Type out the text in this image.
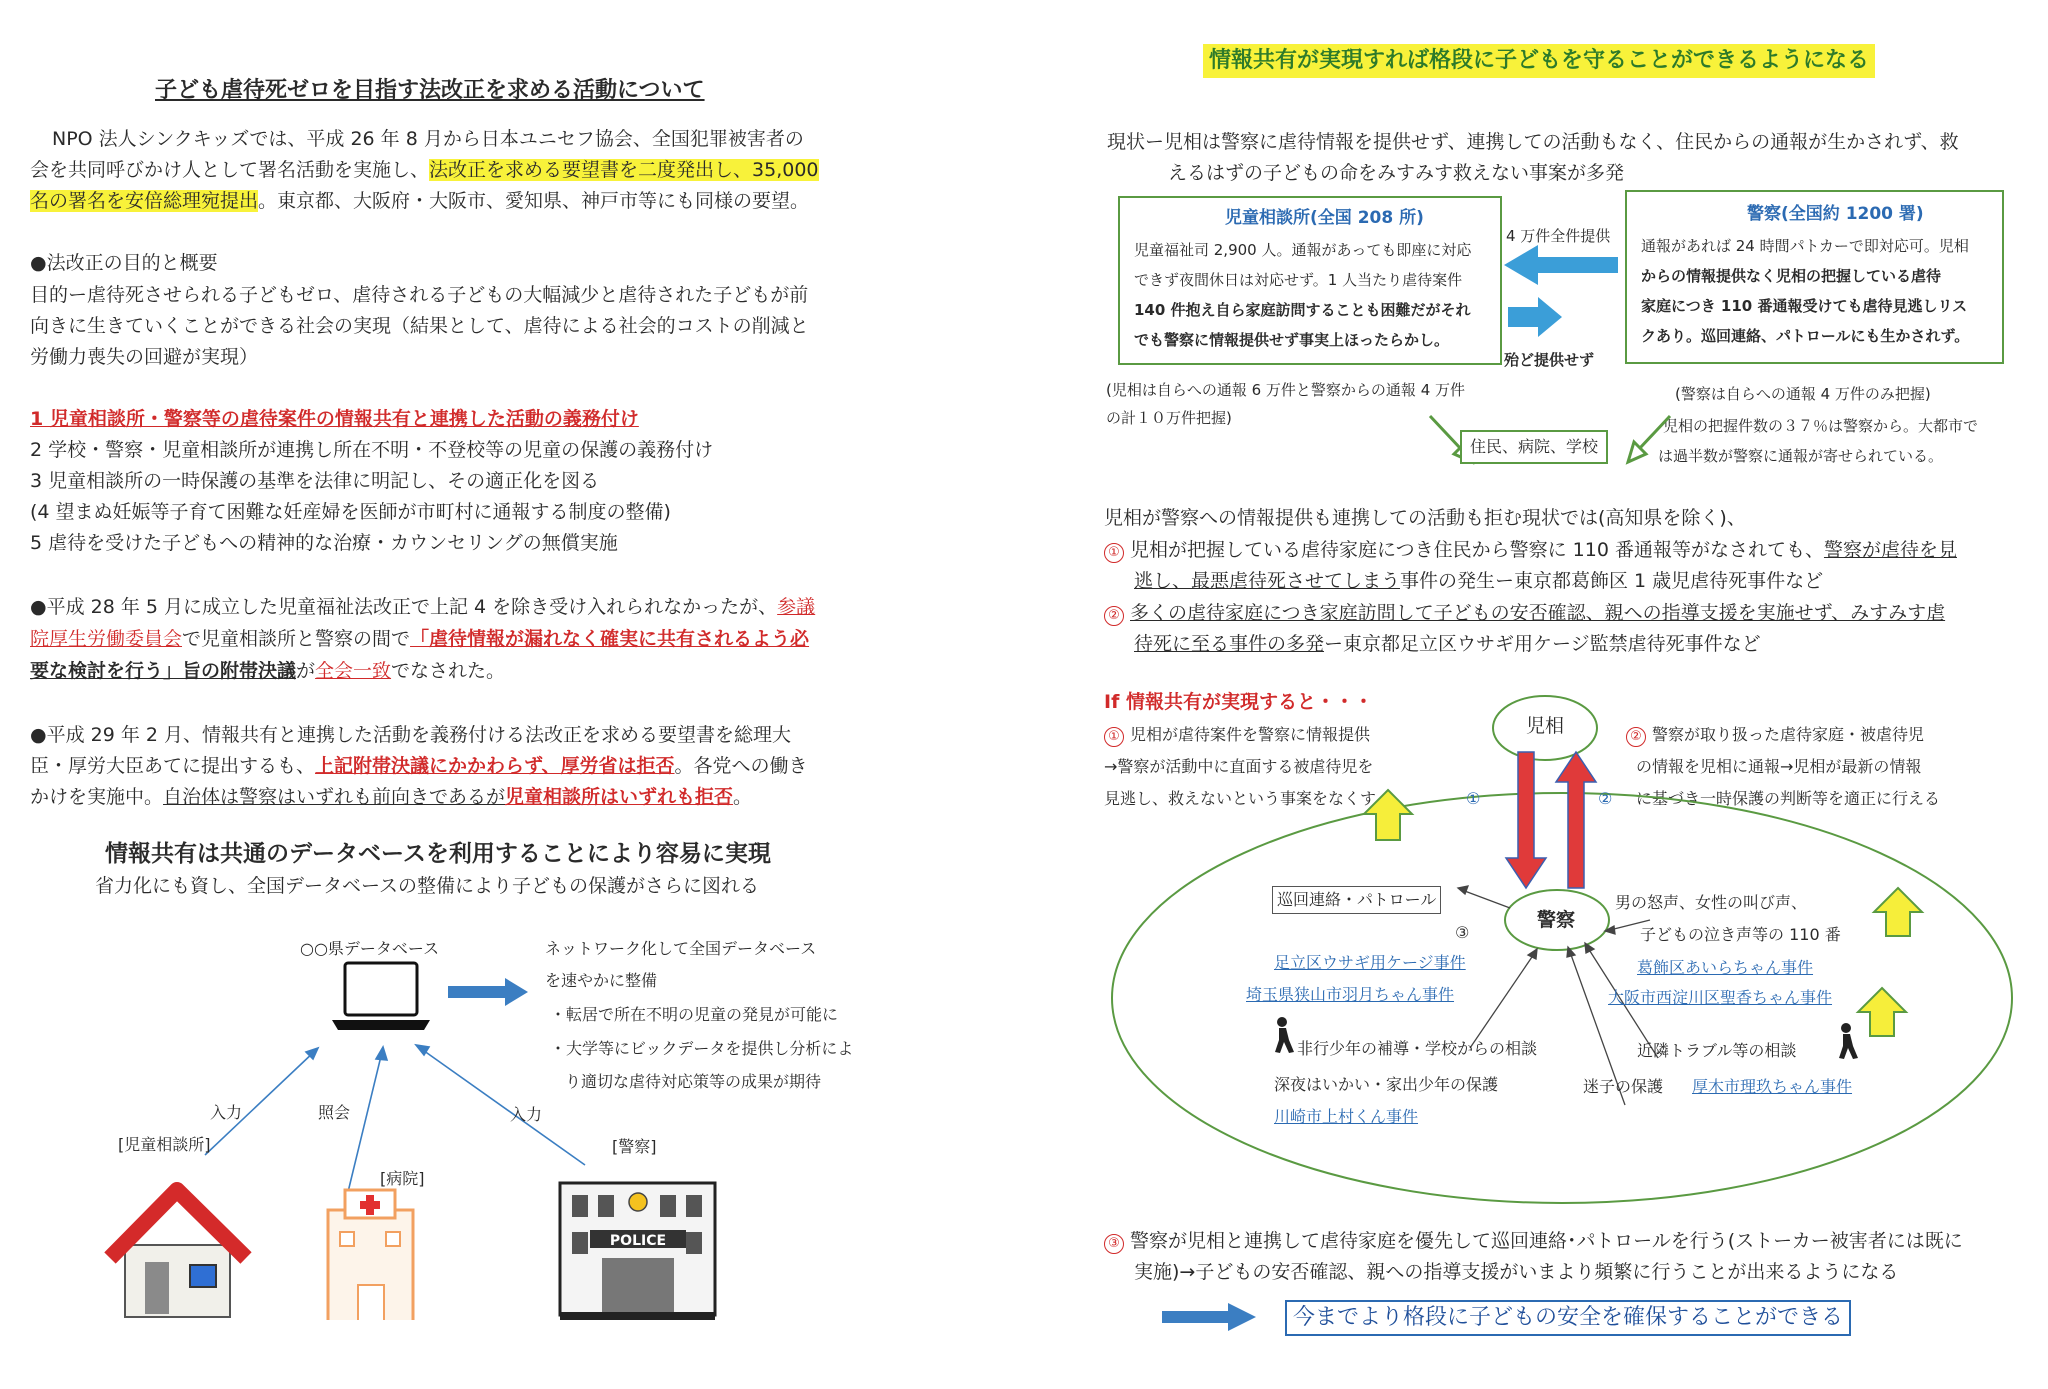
子ども虐待死ゼロを目指す法改正を求める活動について
NPO 法人シンクキッズでは、平成 26 年 8 月から日本ユニセフ協会、全国犯罪被害者の
会を共同呼びかけ人として署名活動を実施し、法改正を求める要望書を二度発出し、35,000
名の署名を安倍総理宛提出。東京都、大阪府・大阪市、愛知県、神戸市等にも同様の要望。
●法改正の目的と概要
目的ー虐待死させられる子どもゼロ、虐待される子どもの大幅減少と虐待された子どもが前
向きに生きていくことができる社会の実現（結果として、虐待による社会的コストの削減と
労働力喪失の回避が実現）
1 児童相談所・警察等の虐待案件の情報共有と連携した活動の義務付け
2 学校・警察・児童相談所が連携し所在不明・不登校等の児童の保護の義務付け
3 児童相談所の一時保護の基準を法律に明記し、その適正化を図る
(4 望まぬ妊娠等子育て困難な妊産婦を医師が市町村に通報する制度の整備)
5 虐待を受けた子どもへの精神的な治療・カウンセリングの無償実施
●平成 28 年 5 月に成立した児童福祉法改正で上記 4 を除き受け入れられなかったが、参議
院厚生労働委員会で児童相談所と警察の間で「虐待情報が漏れなく確実に共有されるよう必
要な検討を行う」旨の附帯決議が全会一致でなされた。
●平成 29 年 2 月、情報共有と連携した活動を義務付ける法改正を求める要望書を総理大
臣・厚労大臣あてに提出するも、上記附帯決議にかかわらず、厚労省は拒否。各党への働き
かけを実施中。自治体は警察はいずれも前向きであるが児童相談所はいずれも拒否。
情報共有は共通のデータベースを利用することにより容易に実現
省力化にも資し、全国データベースの整備により子どもの保護がさらに図れる
○○県データベース	ネットワーク化して全国データベース
を速やかに整備
・転居で所在不明の児童の発見が可能に
・大学等にビックデータを提供し分析によ
り適切な虐待対応策等の成果が期待
POLICE
入力	照会	入力
[児童相談所]
[病院]
[警察]
情報共有が実現すれば格段に子どもを守ることができるようになる
現状ー児相は警察に虐待情報を提供せず、連携しての活動もなく、住民からの通報が生かされず、救
えるはずの子どもの命をみすみす救えない事案が多発
児童相談所(全国 208 所)
児童福祉司 2,900 人。通報があっても即座に対応
できず夜間休日は対応せず。1 人当たり虐待案件
140 件抱え自ら家庭訪問することも困難だがそれ
でも警察に情報提供せず事実上ほったらかし。
警察(全国約 1200 署)
通報があれば 24 時間パトカーで即対応可。児相
からの情報提供なく児相の把握している虐待
家庭につき 110 番通報受けても虐待見逃しリス
クあり。巡回連絡、パトロールにも生かされず。
4 万件全件提供
殆ど提供せず
(児相は自らへの通報 6 万件と警察からの通報 4 万件
の計１０万件把握)
(警察は自らへの通報 4 万件のみ把握)
児相の把握件数の３７％は警察から。大都市で
は過半数が警察に通報が寄せられている。
住民、病院、学校
児相が警察への情報提供も連携しての活動も拒む現状では(高知県を除く)、
① 児相が把握している虐待家庭につき住民から警察に 110 番通報等がなされても、警察が虐待を見
逃し、最悪虐待死させてしまう事件の発生ー東京都葛飾区 1 歳児虐待死事件など
② 多くの虐待家庭につき家庭訪問して子どもの安否確認、親への指導支援を実施せず、みすみす虐
待死に至る事件の多発ー東京都足立区ウサギ用ケージ監禁虐待死事件など
If 情報共有が実現すると・・・
① 児相が虐待案件を警察に情報提供
→警察が活動中に直面する被虐待児を
見逃し、救えないという事案をなくす
② 警察が取り扱った虐待家庭・被虐待児
の情報を児相に通報→児相が最新の情報
に基づき一時保護の判断等を適正に行える
児相
警察
①	②
③
巡回連絡・パトロール	男の怒声、女性の叫び声、
子どもの泣き声等の 110 番
足立区ウサギ用ケージ事件
埼玉県狭山市羽月ちゃん事件
葛飾区あいらちゃん事件
大阪市西淀川区聖香ちゃん事件
非行少年の補導・学校からの相談	近隣トラブル等の相談
深夜はいかい・家出少年の保護	迷子の保護 厚木市理玖ちゃん事件
川崎市上村くん事件
③ 警察が児相と連携して虐待家庭を優先して巡回連絡･パトロールを行う(ストーカー被害者には既に
実施)→子どもの安否確認、親への指導支援がいまより頻繁に行うことが出来るようになる
今までより格段に子どもの安全を確保することができる
